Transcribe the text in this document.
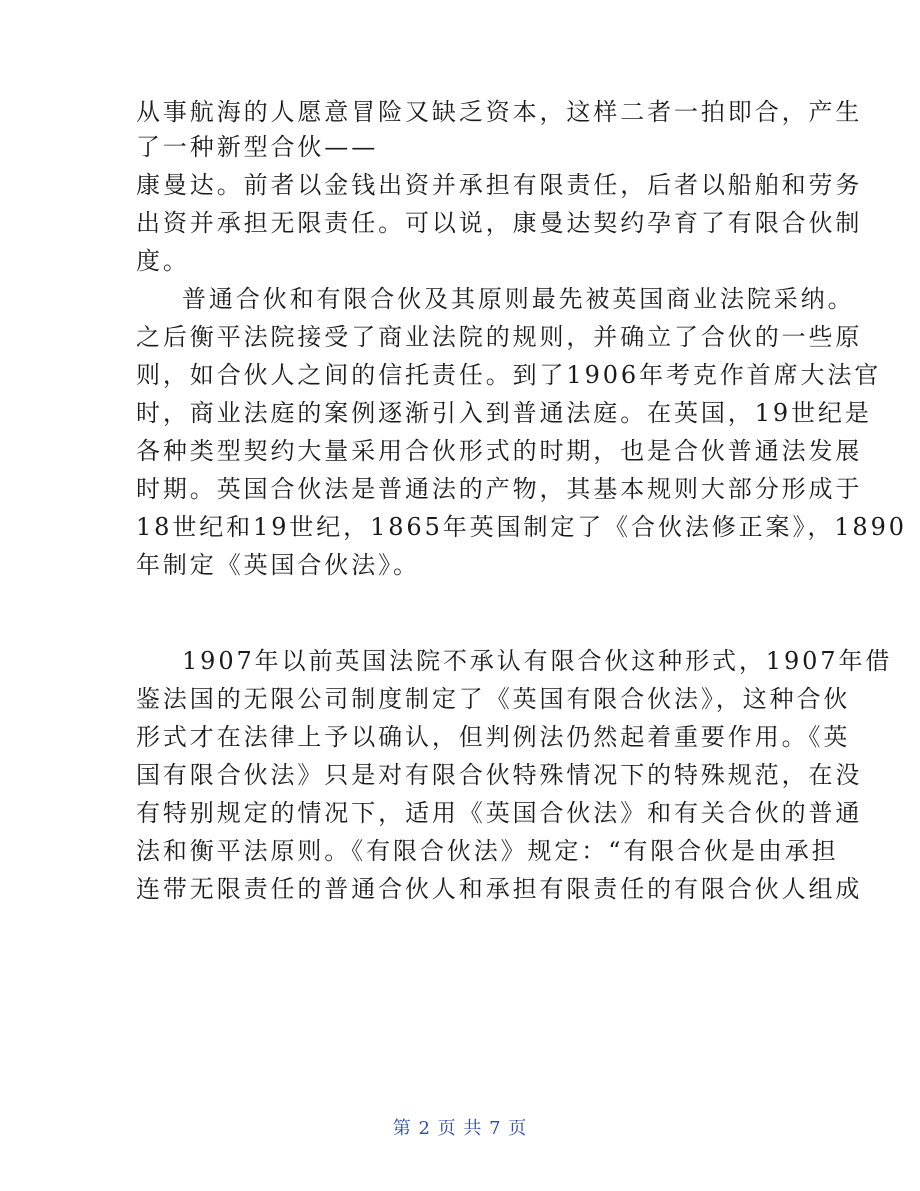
从事航海的人愿意冒险又缺乏资本，这样二者一拍即合，产生
了一种新型合伙——
康曼达。前者以金钱出资并承担有限责任，后者以船舶和劳务
出资并承担无限责任。可以说，康曼达契约孕育了有限合伙制
度。
普通合伙和有限合伙及其原则最先被英国商业法院采纳。
之后衡平法院接受了商业法院的规则，并确立了合伙的一些原
则，如合伙人之间的信托责任。到了1906年考克作首席大法官
时，商业法庭的案例逐渐引入到普通法庭。在英国，19世纪是
各种类型契约大量采用合伙形式的时期，也是合伙普通法发展
时期。英国合伙法是普通法的产物，其基本规则大部分形成于
18世纪和19世纪，1865年英国制定了《合伙法修正案》，1890
年制定《英国合伙法》。
1907年以前英国法院不承认有限合伙这种形式，1907年借
鉴法国的无限公司制度制定了《英国有限合伙法》，这种合伙
形式才在法律上予以确认，但判例法仍然起着重要作用。《英
国有限合伙法》只是对有限合伙特殊情况下的特殊规范，在没
有特别规定的情况下，适用《英国合伙法》和有关合伙的普通
法和衡平法原则。《有限合伙法》规定：“有限合伙是由承担
连带无限责任的普通合伙人和承担有限责任的有限合伙人组成
第 2 页 共 7 页
